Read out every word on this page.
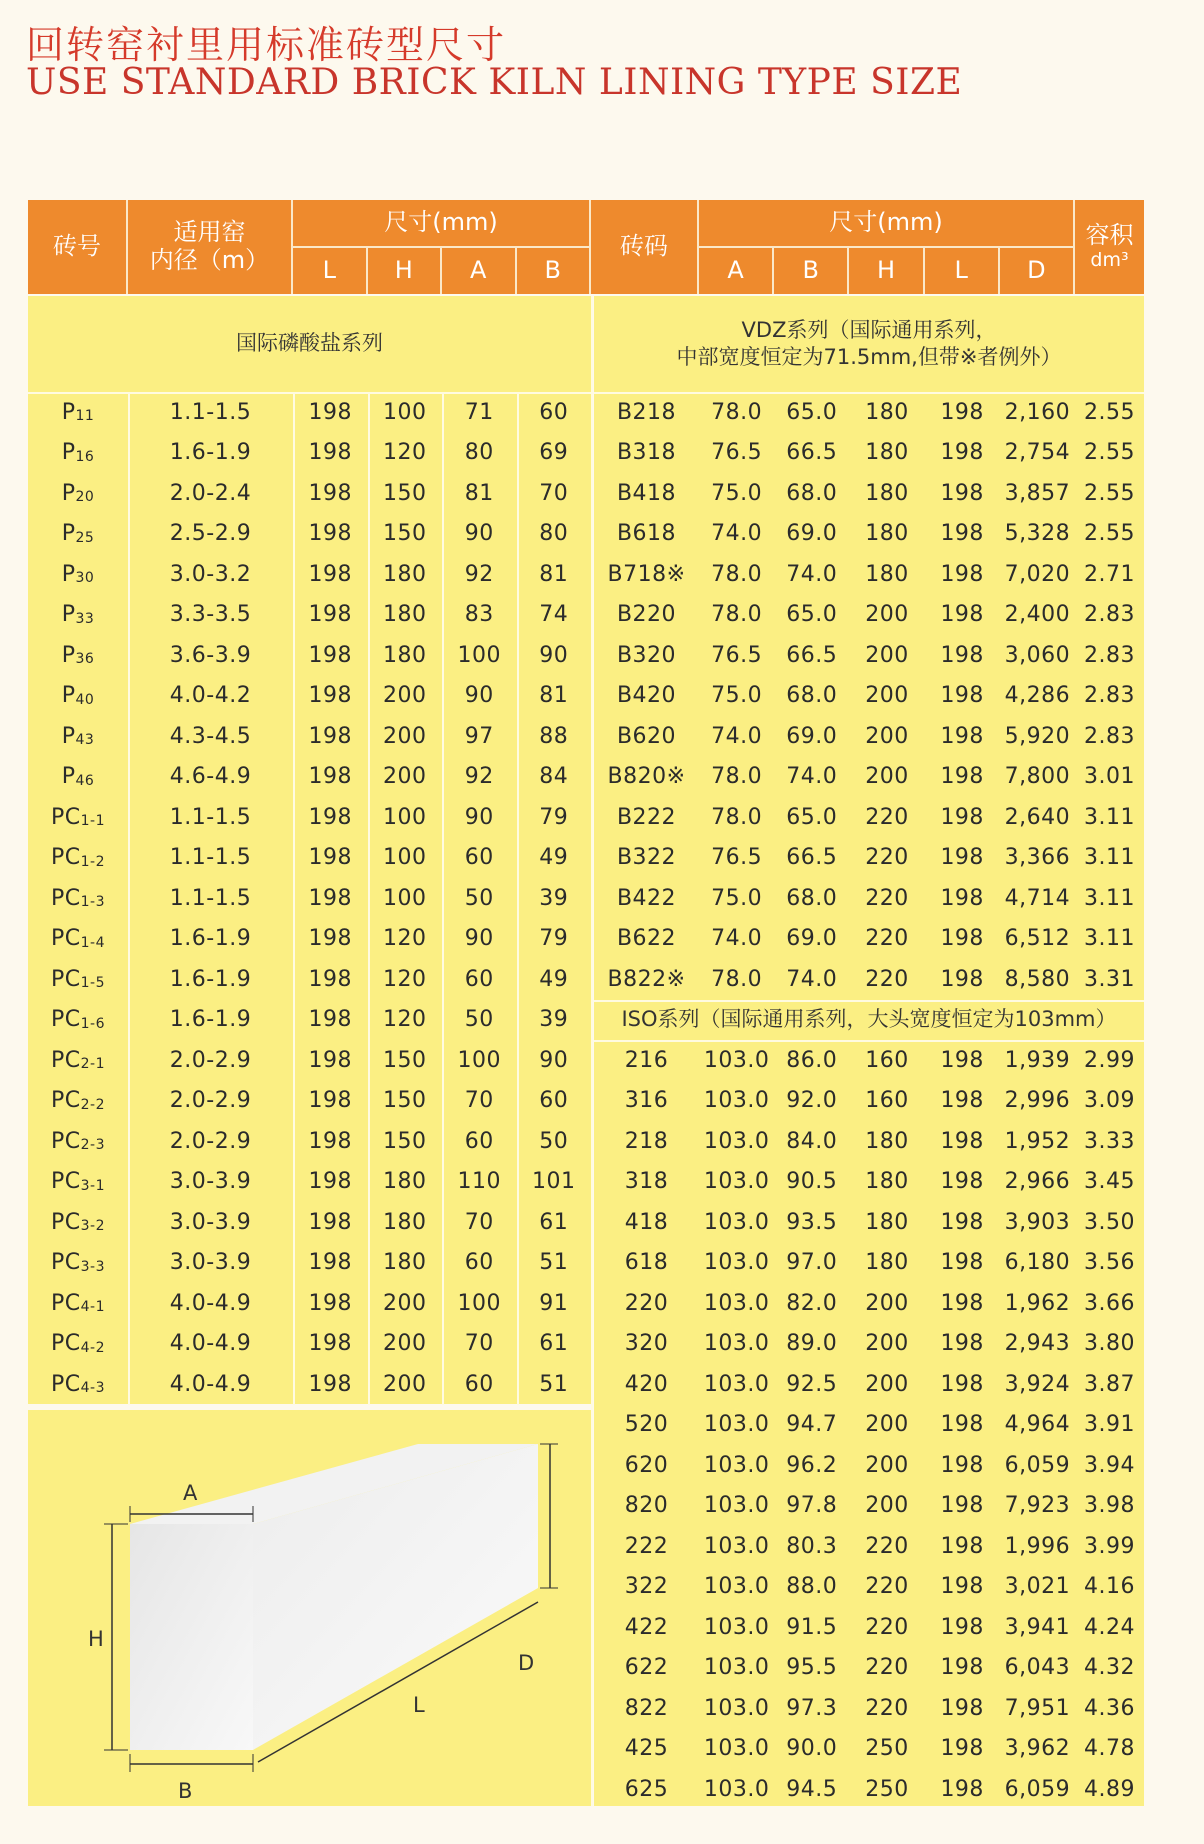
回转窑衬里用标准砖型尺寸
USE STANDARD BRICK KILN LINING TYPE SIZE
砖号	适用窑
内径（m）
尺寸(mm)
砖码
尺寸(mm)	容积
dm³
L	H	A	B	A	B	H	L	D
国际磷酸盐系列
VDZ系列（国际通用系列，
中部宽度恒定为71.5mm,但带※者例外）
$P_{11}$	1.1-1.5	198	100	71	60
$P_{16}$	1.6-1.9	198	120	80	69
$P_{20}$	2.0-2.4	198	150	81	70
$P_{25}$	2.5-2.9	198	150	90	80
$P_{30}$	3.0-3.2	198	180	92	81
$P_{33}$	3.3-3.5	198	180	83	74
$P_{36}$	3.6-3.9	198	180	100	90
$P_{40}$	4.0-4.2	198	200	90	81
$P_{43}$	4.3-4.5	198	200	97	88
$P_{46}$	4.6-4.9	198	200	92	84
$PC_{1-1}$	1.1-1.5	198	100	90	79
$PC_{1-2}$	1.1-1.5	198	100	60	49
$PC_{1-3}$	1.1-1.5	198	100	50	39
$PC_{1-4}$	1.6-1.9	198	120	90	79
$PC_{1-5}$	1.6-1.9	198	120	60	49
$PC_{1-6}$	1.6-1.9	198	120	50	39
$PC_{2-1}$	2.0-2.9	198	150	100	90
$PC_{2-2}$	2.0-2.9	198	150	70	60
$PC_{2-3}$	2.0-2.9	198	150	60	50
$PC_{3-1}$	3.0-3.9	198	180	110	101
$PC_{3-2}$	3.0-3.9	198	180	70	61
$PC_{3-3}$	3.0-3.9	198	180	60	51
$PC_{4-1}$	4.0-4.9	198	200	100	91
$PC_{4-2}$	4.0-4.9	198	200	70	61
$PC_{4-3}$	4.0-4.9	198	200	60	51
B218	78.0	65.0	180	198 2,160 2.55
B318	76.5	66.5	180	198 2,754 2.55
B418	75.0	68.0	180	198 3,857 2.55
B618	74.0	69.0	180	198 5,328 2.55
B718※	78.0	74.0	180	198 7,020 2.71
B220	78.0	65.0	200	198 2,400 2.83
B320	76.5	66.5	200	198 3,060 2.83
B420	75.0	68.0	200	198 4,286 2.83
B620	74.0	69.0	200	198 5,920 2.83
B820※	78.0	74.0	200	198 7,800 3.01
B222	78.0	65.0	220	198 2,640 3.11
B322	76.5	66.5	220	198 3,366 3.11
B422	75.0	68.0	220	198 4,714 3.11
B622	74.0	69.0	220	198 6,512 3.11
B822※	78.0	74.0	220	198 8,580 3.31
ISO系列（国际通用系列，大头宽度恒定为103mm）
216	103.0 86.0	160	198 1,939 2.99
316	103.0 92.0	160	198 2,996 3.09
218	103.0 84.0	180	198 1,952 3.33
318	103.0 90.5	180	198 2,966 3.45
418	103.0 93.5	180	198 3,903 3.50
618	103.0 97.0	180	198 6,180 3.56
220	103.0 82.0	200	198 1,962 3.66
320	103.0 89.0	200	198 2,943 3.80
420	103.0 92.5	200	198 3,924 3.87
520	103.0 94.7	200	198 4,964 3.91
620	103.0 96.2	200	198 6,059 3.94
820	103.0 97.8	200	198 7,923 3.98
222	103.0 80.3	220	198 1,996 3.99
322	103.0 88.0	220	198 3,021 4.16
422	103.0 91.5	220	198 3,941 4.24
622	103.0 95.5	220	198 6,043 4.32
822	103.0 97.3	220	198 7,951 4.36
425	103.0 90.0	250	198 3,962 4.78
625	103.0 94.5	250	198 6,059 4.89
A
H
D
L
B
